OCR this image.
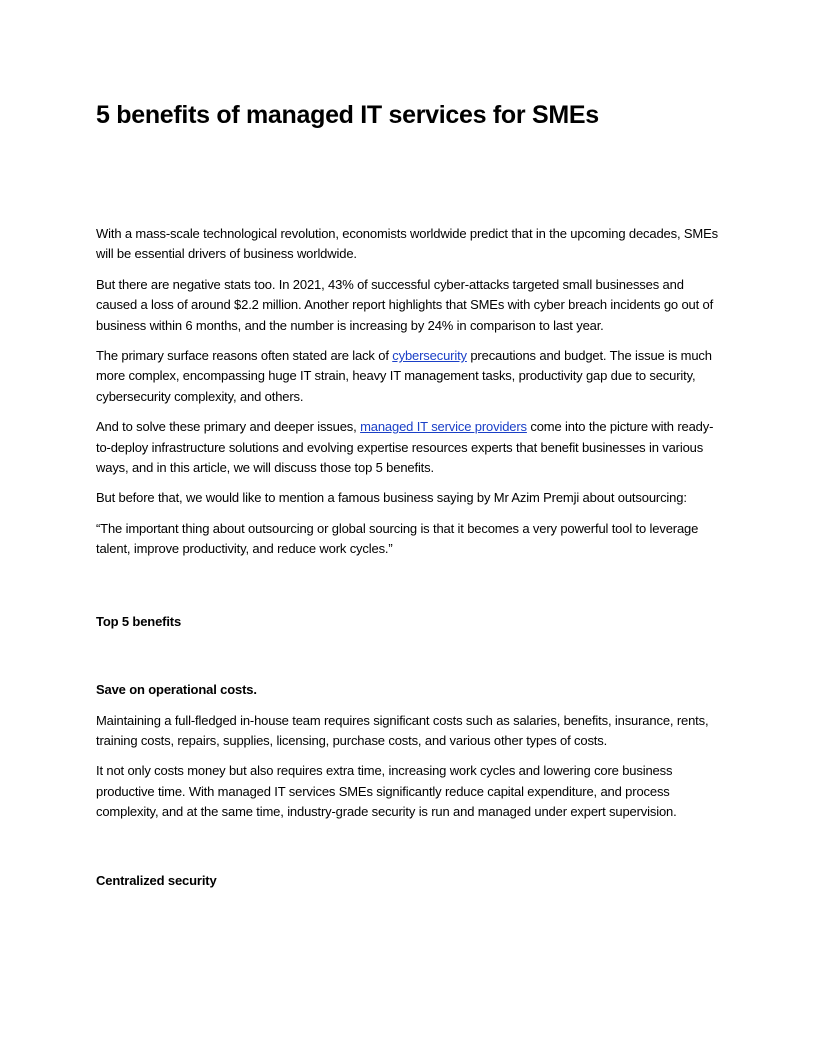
5 benefits of managed IT services for SMEs

With a mass-scale technological revolution, economists worldwide predict that in the upcoming decades, SMEs will be essential drivers of business worldwide.

But there are negative stats too. In 2021, 43% of successful cyber-attacks targeted small businesses and caused a loss of around $2.2 million. Another report highlights that SMEs with cyber breach incidents go out of business within 6 months, and the number is increasing by 24% in comparison to last year.

The primary surface reasons often stated are lack of cybersecurity precautions and budget. The issue is much more complex, encompassing huge IT strain, heavy IT management tasks, productivity gap due to security, cybersecurity complexity, and others.

And to solve these primary and deeper issues, managed IT service providers come into the picture with ready-to-deploy infrastructure solutions and evolving expertise resources experts that benefit businesses in various ways, and in this article, we will discuss those top 5 benefits.

But before that, we would like to mention a famous business saying by Mr Azim Premji about outsourcing:

“The important thing about outsourcing or global sourcing is that it becomes a very powerful tool to leverage talent, improve productivity, and reduce work cycles.”

Top 5 benefits
Save on operational costs.

Maintaining a full-fledged in-house team requires significant costs such as salaries, benefits, insurance, rents, training costs, repairs, supplies, licensing, purchase costs, and various other types of costs.

It not only costs money but also requires extra time, increasing work cycles and lowering core business productive time. With managed IT services SMEs significantly reduce capital expenditure, and process complexity, and at the same time, industry-grade security is run and managed under expert supervision.

Centralized security
